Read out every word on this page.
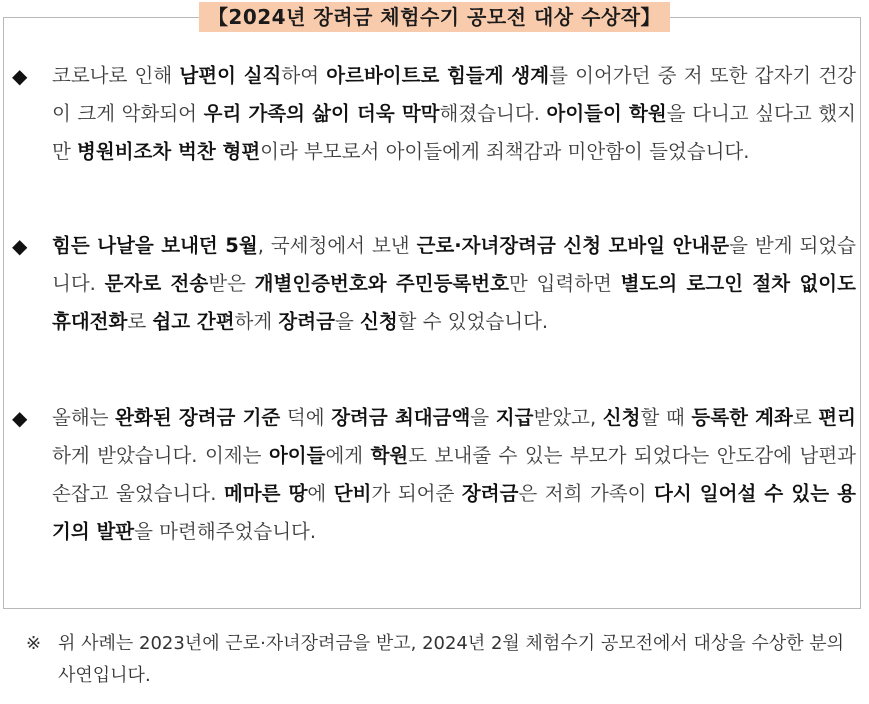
【2024년 장려금 체험수기 공모전 대상 수상작】
◆	코로나로 인해 남편이 실직하여 아르바이트로 힘들게 생계를 이어가던 중 저 또한 갑자기 건강이 크게 악화되어 우리 가족의 삶이 더욱 막막해졌습니다. 아이들이 학원을 다니고 싶다고 했지만 병원비조차 벅찬 형편이라 부모로서 아이들에게 죄책감과 미안함이 들었습니다.
◆	힘든 나날을 보내던 5월, 국세청에서 보낸 근로·자녀장려금 신청 모바일 안내문을 받게 되었습니다. 문자로 전송받은 개별인증번호와 주민등록번호만 입력하면 별도의 로그인 절차 없이도 휴대전화로 쉽고 간편하게 장려금을 신청할 수 있었습니다.
◆	올해는 완화된 장려금 기준 덕에 장려금 최대금액을 지급받았고, 신청할 때 등록한 계좌로 편리하게 받았습니다. 이제는 아이들에게 학원도 보내줄 수 있는 부모가 되었다는 안도감에 남편과 손잡고 울었습니다. 메마른 땅에 단비가 되어준 장려금은 저희 가족이 다시 일어설 수 있는 용기의 발판을 마련해주었습니다.
※ 위 사례는 2023년에 근로·자녀장려금을 받고, 2024년 2월 체험수기 공모전에서 대상을 수상한 분의 사연입니다.
